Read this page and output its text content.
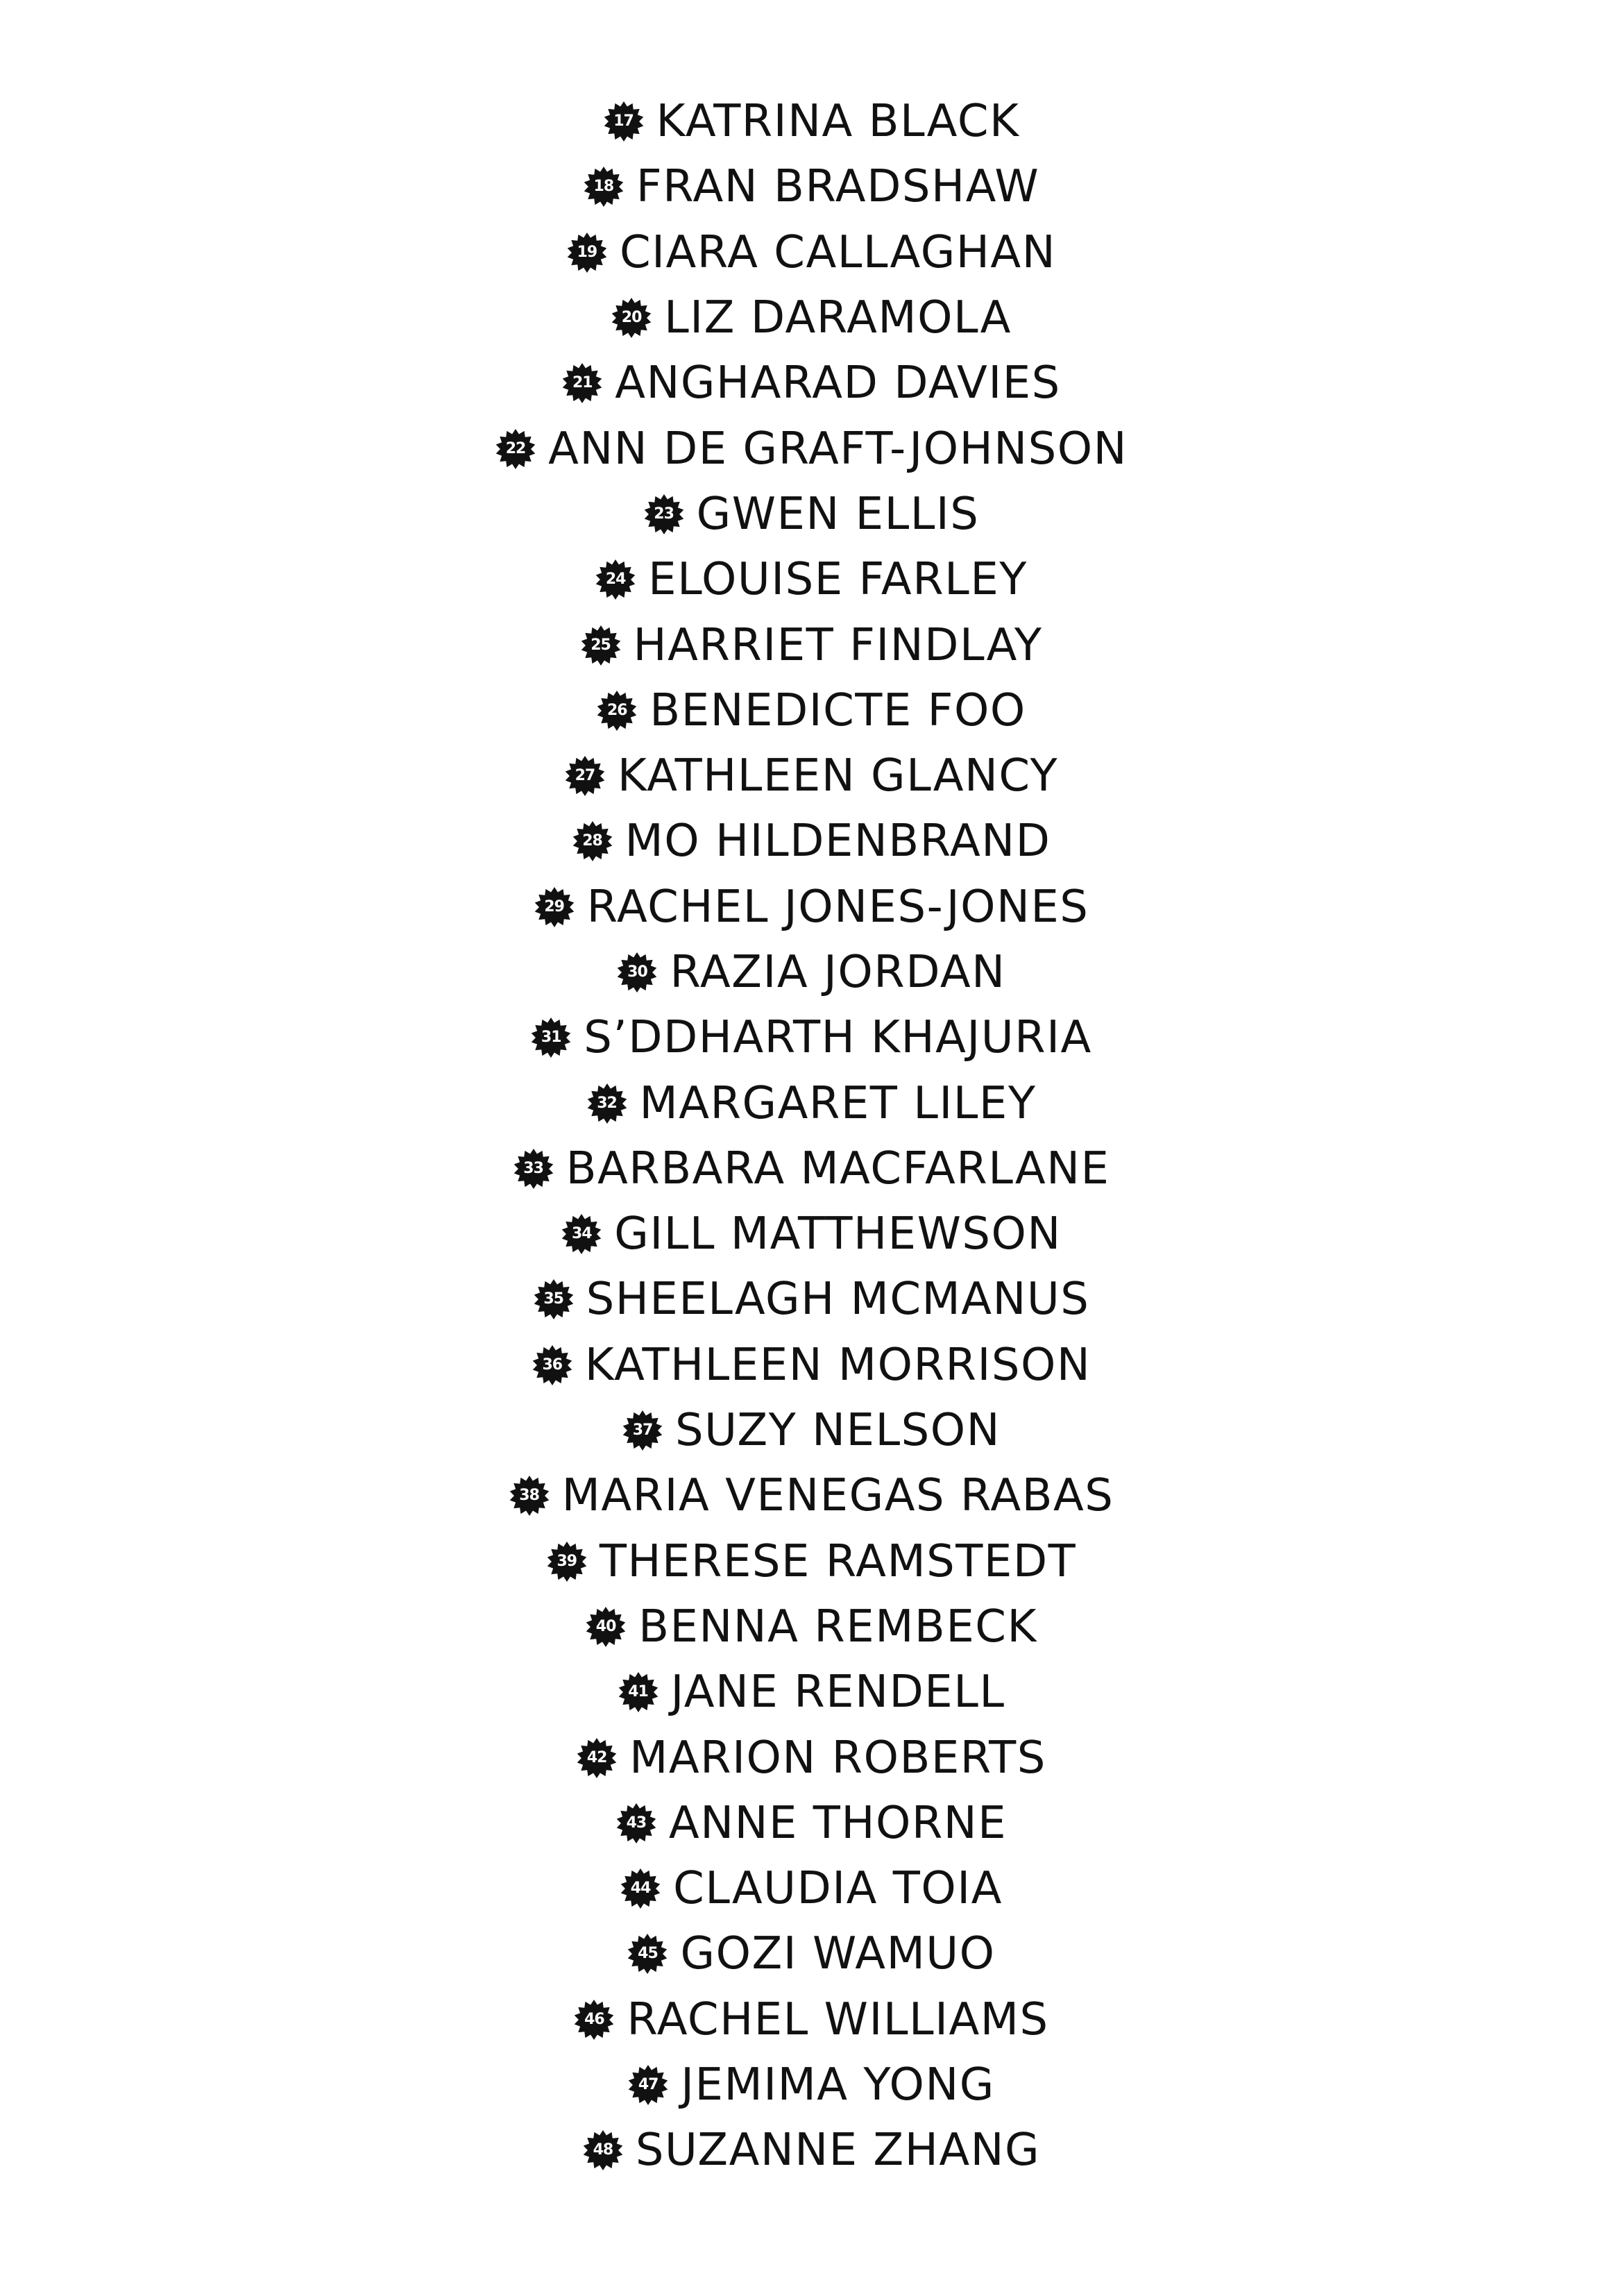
17 KATRINA BLACK
18 FRAN BRADSHAW
19 CIARA CALLAGHAN
20 LIZ DARAMOLA
21 ANGHARAD DAVIES
22 ANN DE GRAFT-JOHNSON
23 GWEN ELLIS
24 ELOUISE FARLEY
25 HARRIET FINDLAY
26 BENEDICTE FOO
27 KATHLEEN GLANCY
28 MO HILDENBRAND
29 RACHEL JONES-JONES
30 RAZIA JORDAN
31 S’DDHARTH KHAJURIA
32 MARGARET LILEY
33 BARBARA MACFARLANE
34 GILL MATTHEWSON
35 SHEELAGH MCMANUS
36 KATHLEEN MORRISON
37 SUZY NELSON
38 MARIA VENEGAS RABAS
39 THERESE RAMSTEDT
40 BENNA REMBECK
41 JANE RENDELL
42 MARION ROBERTS
43 ANNE THORNE
44 CLAUDIA TOIA
45 GOZI WAMUO
46 RACHEL WILLIAMS
47 JEMIMA YONG
48 SUZANNE ZHANG
